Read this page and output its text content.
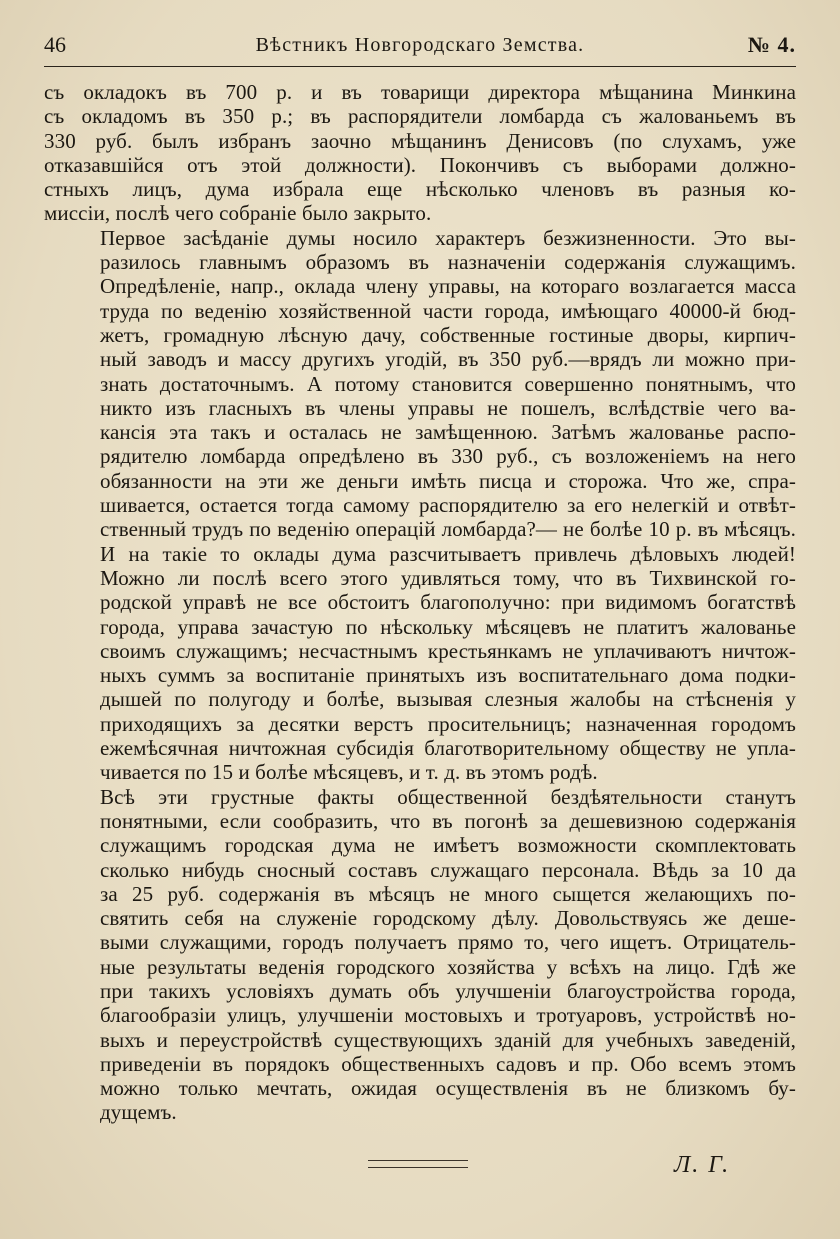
46	Вѣстникъ Новгородскаго Земства.	№ 4.

съ окладокъ въ 700 р. и въ товарищи директора мѣщанина Минкина
съ окладомъ въ 350 р.; въ распорядители ломбарда съ жалованьемъ въ
330 руб. былъ избранъ заочно мѣщанинъ Денисовъ (по слухамъ, уже
отказавшійся отъ этой должности). Покончивъ съ выборами должно-
стныхъ лицъ, дума избрала еще нѣсколько членовъ въ разныя ко-
миссіи, послѣ чего собраніе было закрыто.

Первое засѣданіе думы носило характеръ безжизненности. Это вы-
разилось главнымъ образомъ въ назначеніи содержанія служащимъ.
Опредѣленіе, напр., оклада члену управы, на котораго возлагается масса
труда по веденію хозяйственной части города, имѣющаго 40000-й бюд-
жетъ, громадную лѣсную дачу, собственные гостиные дворы, кирпич-
ный заводъ и массу другихъ угодій, въ 350 руб.—врядъ ли можно при-
знать достаточнымъ. А потому становится совершенно понятнымъ, что
никто изъ гласныхъ въ члены управы не пошелъ, вслѣдствіе чего ва-
кансія эта такъ и осталась не замѣщенною. Затѣмъ жалованье распо-
рядителю ломбарда опредѣлено въ 330 руб., съ возложеніемъ на него
обязанности на эти же деньги имѣть писца и сторожа. Что же, спра-
шивается, остается тогда самому распорядителю за его нелегкій и отвѣт-
ственный трудъ по веденію операцій ломбарда?— не болѣе 10 р. въ мѣсяцъ.
И на такіе то оклады дума разсчитываетъ привлечь дѣловыхъ людей!
Можно ли послѣ всего этого удивляться тому, что въ Тихвинской го-
родской управѣ не все обстоитъ благополучно: при видимомъ богатствѣ
города, управа зачастую по нѣскольку мѣсяцевъ не платитъ жалованье
своимъ служащимъ; несчастнымъ крестьянкамъ не уплачиваютъ ничтож-
ныхъ суммъ за воспитаніе принятыхъ изъ воспитательнаго дома подки-
дышей по полугоду и болѣе, вызывая слезныя жалобы на стѣсненія у
приходящихъ за десятки верстъ просительницъ; назначенная городомъ
ежемѣсячная ничтожная субсидія благотворительному обществу не упла-
чивается по 15 и болѣе мѣсяцевъ, и т. д. въ этомъ родѣ.

Всѣ эти грустные факты общественной бездѣятельности станутъ
понятными, если сообразить, что въ погонѣ за дешевизною содержанія
служащимъ городская дума не имѣетъ возможности скомплектовать
сколько нибудь сносный составъ служащаго персонала. Вѣдь за 10 да
за 25 руб. содержанія въ мѣсяцъ не много сыщется желающихъ по-
святить себя на служеніе городскому дѣлу. Довольствуясь же деше-
выми служащими, городъ получаетъ прямо то, чего ищетъ. Отрицатель-
ные результаты веденія городского хозяйства у всѣхъ на лицо. Гдѣ же
при такихъ условіяхъ думать объ улучшеніи благоустройства города,
благообразіи улицъ, улучшеніи мостовыхъ и тротуаровъ, устройствѣ но-
выхъ и переустройствѣ существующихъ зданій для учебныхъ заведеній,
приведеніи въ порядокъ общественныхъ садовъ и пр. Обо всемъ этомъ
можно только мечтать, ожидая осуществленія въ не близкомъ бу-
дущемъ.

Л. Г.
